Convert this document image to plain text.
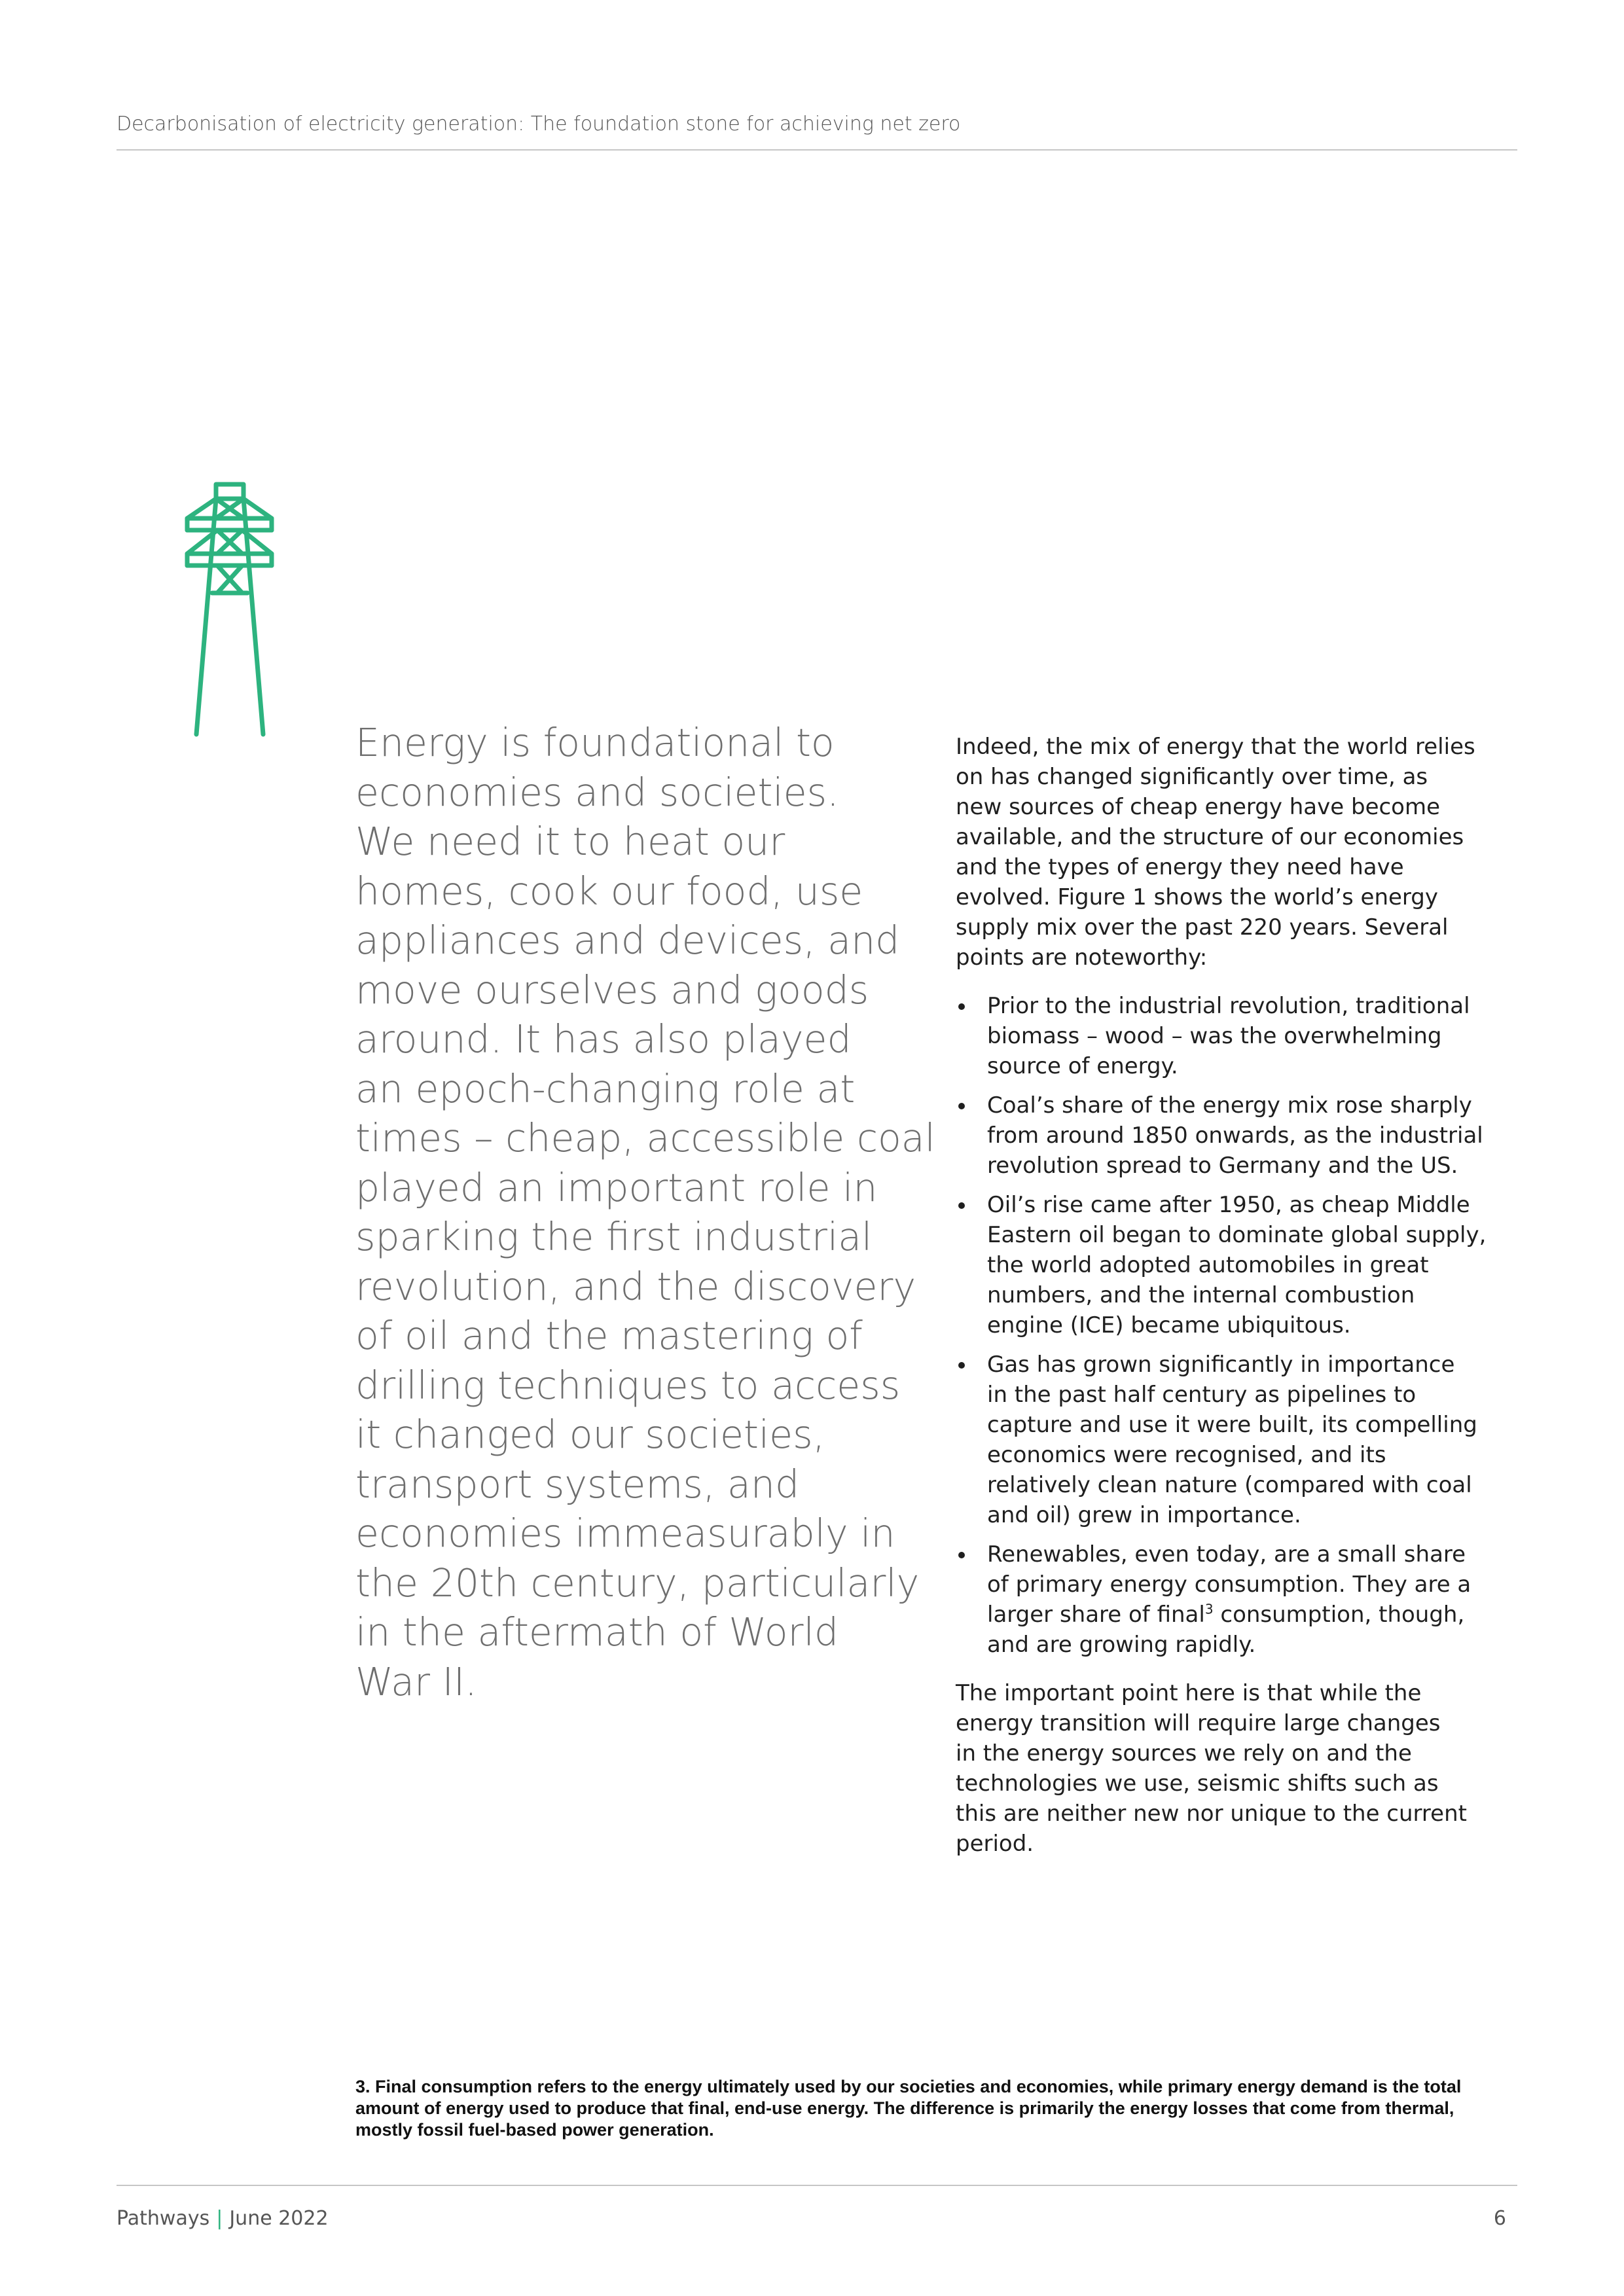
Decarbonisation of electricity generation: The foundation stone for achieving net zero
Energy is foundational to
economies and societies.
We need it to heat our
homes, cook our food, use
appliances and devices, and
move ourselves and goods
around. It has also played
an epoch-changing role at
times – cheap, accessible coal
played an important role in
sparking the first industrial
revolution, and the discovery
of oil and the mastering of
drilling techniques to access
it changed our societies,
transport systems, and
economies immeasurably in
the 20th century, particularly
in the aftermath of World
War II.
Indeed, the mix of energy that the world relies
on has changed significantly over time, as
new sources of cheap energy have become
available, and the structure of our economies
and the types of energy they need have
evolved. Figure 1 shows the world’s energy
supply mix over the past 220 years. Several
points are noteworthy:
Prior to the industrial revolution, traditional
biomass – wood – was the overwhelming
source of energy.
Coal’s share of the energy mix rose sharply
from around 1850 onwards, as the industrial
revolution spread to Germany and the US.
Oil’s rise came after 1950, as cheap Middle
Eastern oil began to dominate global supply,
the world adopted automobiles in great
numbers, and the internal combustion
engine (ICE) became ubiquitous.
Gas has grown significantly in importance
in the past half century as pipelines to
capture and use it were built, its compelling
economics were recognised, and its
relatively clean nature (compared with coal
and oil) grew in importance.
Renewables, even today, are a small share
of primary energy consumption. They are a
larger share of final$^3$ consumption, though,
and are growing rapidly.
The important point here is that while the
energy transition will require large changes
in the energy sources we rely on and the
technologies we use, seismic shifts such as
this are neither new nor unique to the current
period.
3. Final consumption refers to the energy ultimately used by our societies and economies, while primary energy demand is the total
amount of energy used to produce that final, end-use energy. The difference is primarily the energy losses that come from thermal,
mostly fossil fuel-based power generation.
Pathways | June 2022	6
